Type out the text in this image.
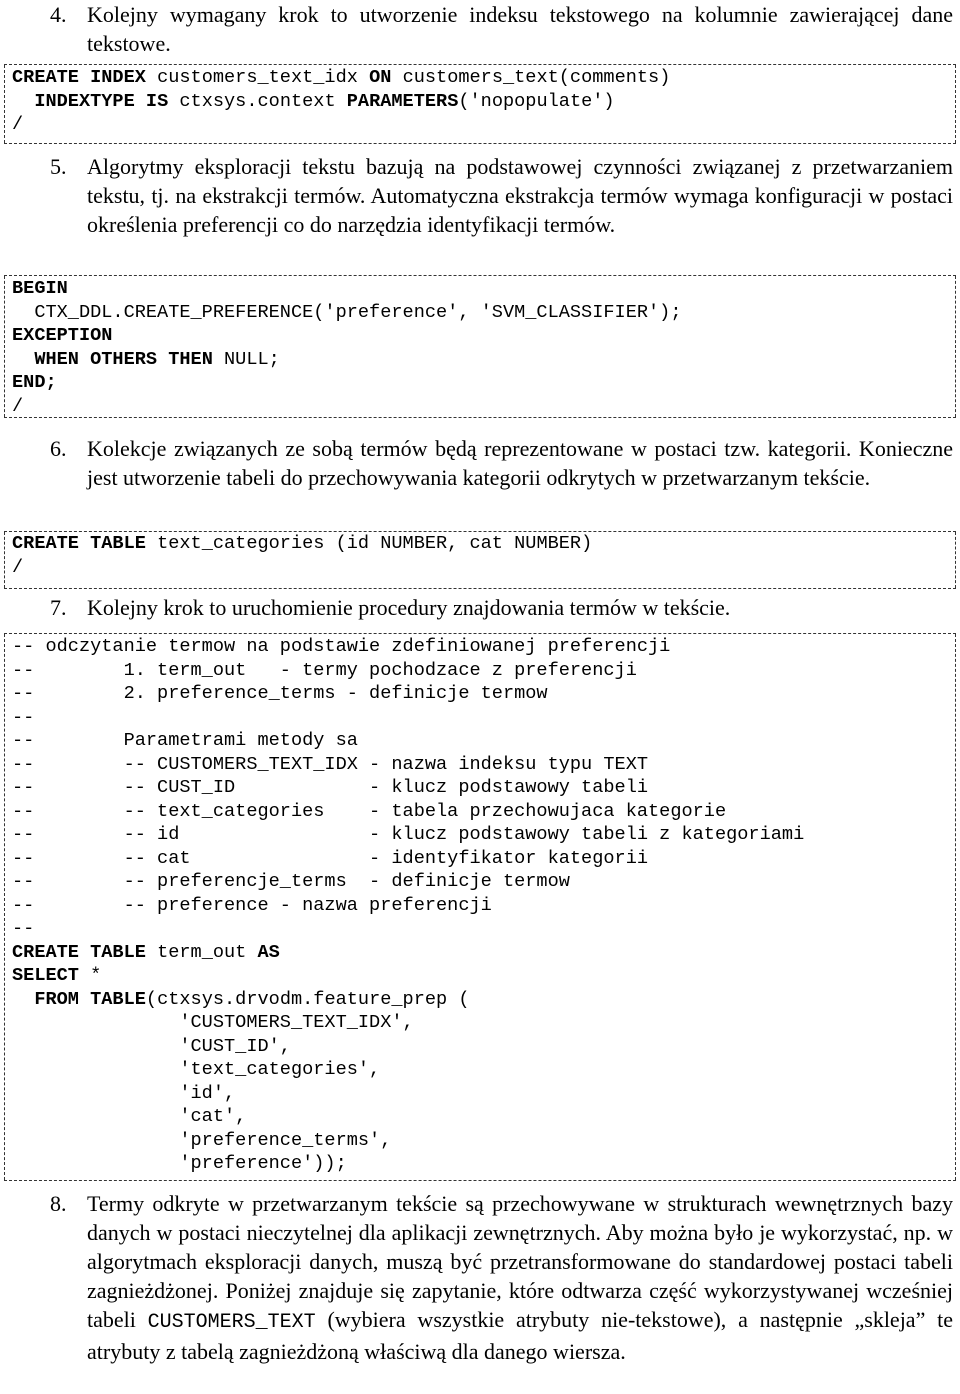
4. Kolejny wymagany krok to utworzenie indeksu tekstowego na kolumnie zawierającej dane tekstowe.
CREATE INDEX customers_text_idx ON customers_text(comments)
INDEXTYPE IS ctxsys.context PARAMETERS('nopopulate')
/
5. Algorytmy eksploracji tekstu bazują na podstawowej czynności związanej z przetwarzaniem tekstu, tj. na ekstrakcji termów. Automatyczna ekstrakcja termów wymaga konfiguracji w postaci określenia preferencji co do narzędzia identyfikacji termów.
BEGIN
CTX_DDL.CREATE_PREFERENCE('preference', 'SVM_CLASSIFIER');
EXCEPTION
WHEN OTHERS THEN NULL;
END;
/
6. Kolekcje związanych ze sobą termów będą reprezentowane w postaci tzw. kategorii. Konieczne jest utworzenie tabeli do przechowywania kategorii odkrytych w przetwarzanym tekście.
CREATE TABLE text_categories (id NUMBER, cat NUMBER)
/
7. Kolejny krok to uruchomienie procedury znajdowania termów w tekście.
-- odczytanie termow na podstawie zdefiniowanej preferencji
--        1. term_out   - termy pochodzace z preferencji
--        2. preference_terms - definicje termow
--
--        Parametrami metody sa
--        -- CUSTOMERS_TEXT_IDX - nazwa indeksu typu TEXT
--        -- CUST_ID            - klucz podstawowy tabeli
--        -- text_categories    - tabela przechowujaca kategorie
--        -- id                 - klucz podstawowy tabeli z kategoriami
--        -- cat                - identyfikator kategorii
--        -- preferencje_terms  - definicje termow
--        -- preference - nazwa preferencji
--
CREATE TABLE term_out AS
SELECT *
FROM TABLE(ctxsys.drvodm.feature_prep (
'CUSTOMERS_TEXT_IDX',
'CUST_ID',
'text_categories',
'id',
'cat',
'preference_terms',
'preference'));
8. Termy odkryte w przetwarzanym tekście są przechowywane w strukturach wewnętrznych bazy danych w postaci nieczytelnej dla aplikacji zewnętrznych. Aby można było je wykorzystać, np. w algorytmach eksploracji danych, muszą być przetransformowane do standardowej postaci tabeli zagnieżdżonej. Poniżej znajduje się zapytanie, które odtwarza część wykorzystywanej wcześniej tabeli CUSTOMERS_TEXT (wybiera wszystkie atrybuty nie-tekstowe), a następnie „skleja” te atrybuty z tabelą zagnieżdżoną właściwą dla danego wiersza.
